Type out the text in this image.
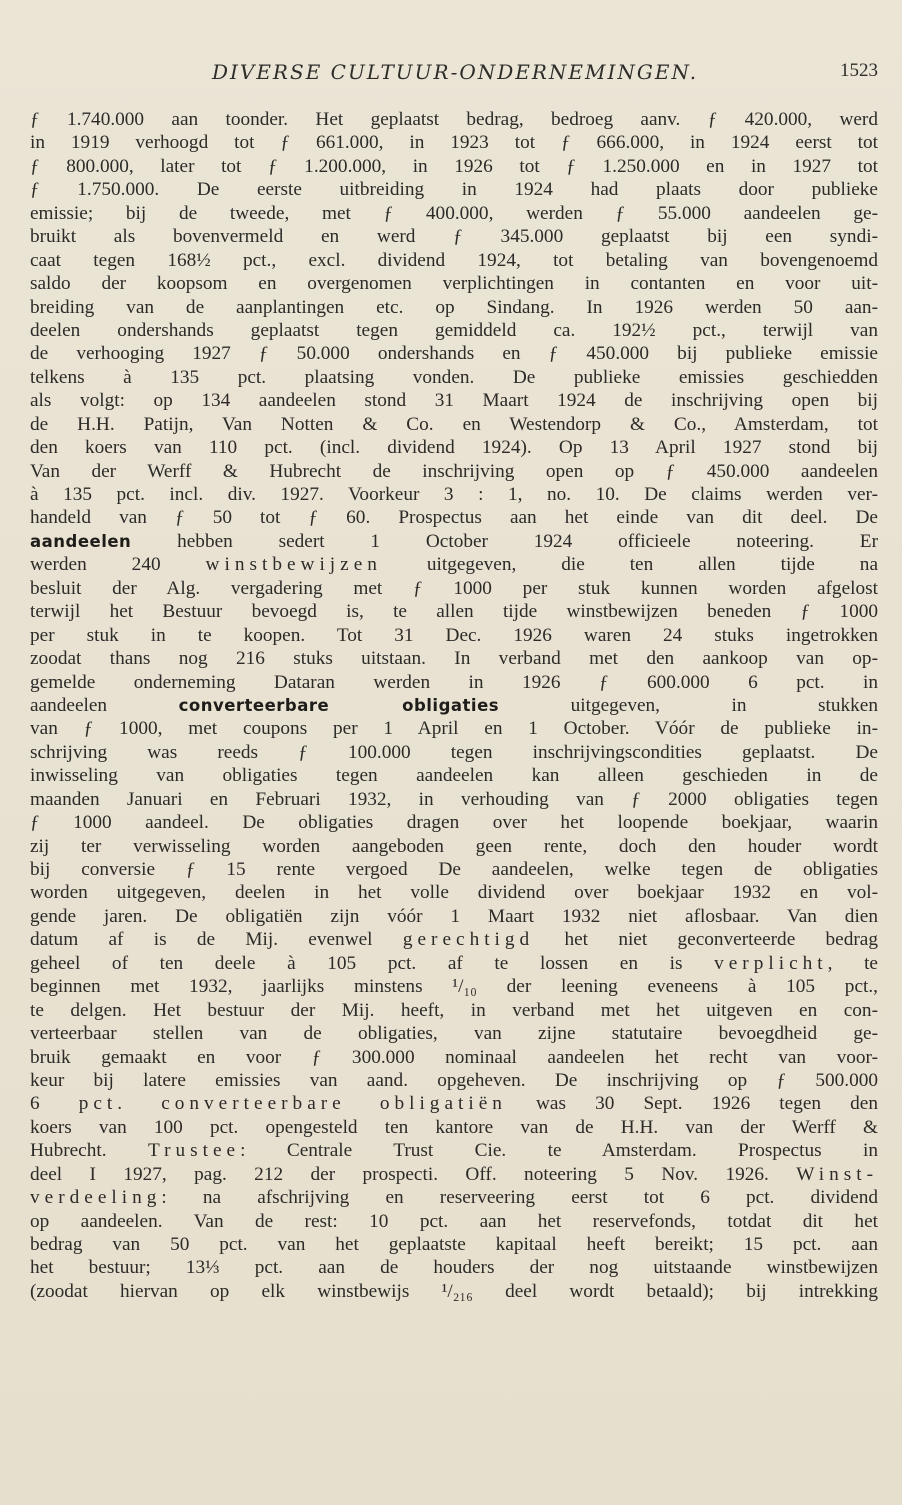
DIVERSE CULTUUR-ONDERNEMINGEN.	1523
ƒ 1.740.000 aan toonder. Het geplaatst bedrag, bedroeg aanv. ƒ 420.000, werd
in 1919 verhoogd tot ƒ 661.000, in 1923 tot ƒ 666.000, in 1924 eerst tot
ƒ 800.000, later tot ƒ 1.200.000, in 1926 tot ƒ 1.250.000 en in 1927 tot
ƒ 1.750.000. De eerste uitbreiding in 1924 had plaats door publieke
emissie; bij de tweede, met ƒ 400.000, werden ƒ 55.000 aandeelen ge-
bruikt als bovenvermeld en werd ƒ 345.000 geplaatst bij een syndi-
caat tegen 168½ pct., excl. dividend 1924, tot betaling van bovengenoemd
saldo der koopsom en overgenomen verplichtingen in contanten en voor uit-
breiding van de aanplantingen etc. op Sindang. In 1926 werden 50 aan-
deelen ondershands geplaatst tegen gemiddeld ca. 192½ pct., terwijl van
de verhooging 1927 ƒ 50.000 ondershands en ƒ 450.000 bij publieke emissie
telkens à 135 pct. plaatsing vonden. De publieke emissies geschiedden
als volgt: op 134 aandeelen stond 31 Maart 1924 de inschrijving open bij
de H.H. Patijn, Van Notten & Co. en Westendorp & Co., Amsterdam, tot
den koers van 110 pct. (incl. dividend 1924). Op 13 April 1927 stond bij
Van der Werff & Hubrecht de inschrijving open op ƒ 450.000 aandeelen
à 135 pct. incl. div. 1927. Voorkeur 3 : 1, no. 10. De claims werden ver-
handeld van ƒ 50 tot ƒ 60. Prospectus aan het einde van dit deel. De
aandeelen hebben sedert 1 October 1924 officieele noteering. Er
werden 240 winstbewijzen uitgegeven, die ten allen tijde na
besluit der Alg. vergadering met ƒ 1000 per stuk kunnen worden afgelost
terwijl het Bestuur bevoegd is, te allen tijde winstbewijzen beneden ƒ 1000
per stuk in te koopen. Tot 31 Dec. 1926 waren 24 stuks ingetrokken
zoodat thans nog 216 stuks uitstaan. In verband met den aankoop van op-
gemelde onderneming Dataran werden in 1926 ƒ 600.000 6 pct. in
aandeelen converteerbare obligaties uitgegeven, in stukken
van ƒ 1000, met coupons per 1 April en 1 October. Vóór de publieke in-
schrijving was reeds ƒ 100.000 tegen inschrijvingscondities geplaatst. De
inwisseling van obligaties tegen aandeelen kan alleen geschieden in de
maanden Januari en Februari 1932, in verhouding van ƒ 2000 obligaties tegen
ƒ 1000 aandeel. De obligaties dragen over het loopende boekjaar, waarin
zij ter verwisseling worden aangeboden geen rente, doch den houder wordt
bij conversie ƒ 15 rente vergoed De aandeelen, welke tegen de obligaties
worden uitgegeven, deelen in het volle dividend over boekjaar 1932 en vol-
gende jaren. De obligatiën zijn vóór 1 Maart 1932 niet aflosbaar. Van dien
datum af is de Mij. evenwel gerechtigd het niet geconverteerde bedrag
geheel of ten deele à 105 pct. af te lossen en is verplicht, te
beginnen met 1932, jaarlijks minstens ¹/₁₀ der leening eveneens à 105 pct.,
te delgen. Het bestuur der Mij. heeft, in verband met het uitgeven en con-
verteerbaar stellen van de obligaties, van zijne statutaire bevoegdheid ge-
bruik gemaakt en voor ƒ 300.000 nominaal aandeelen het recht van voor-
keur bij latere emissies van aand. opgeheven. De inschrijving op ƒ 500.000
6 pct. converteerbare obligatiën was 30 Sept. 1926 tegen den
koers van 100 pct. opengesteld ten kantore van de H.H. van der Werff &
Hubrecht. Trustee: Centrale Trust Cie. te Amsterdam. Prospectus in
deel I 1927, pag. 212 der prospecti. Off. noteering 5 Nov. 1926. Winst-
verdeeling: na afschrijving en reserveering eerst tot 6 pct. dividend
op aandeelen. Van de rest: 10 pct. aan het reservefonds, totdat dit het
bedrag van 50 pct. van het geplaatste kapitaal heeft bereikt; 15 pct. aan
het bestuur; 13⅓ pct. aan de houders der nog uitstaande winstbewijzen
(zoodat hiervan op elk winstbewijs ¹/₂₁₆ deel wordt betaald); bij intrekking
